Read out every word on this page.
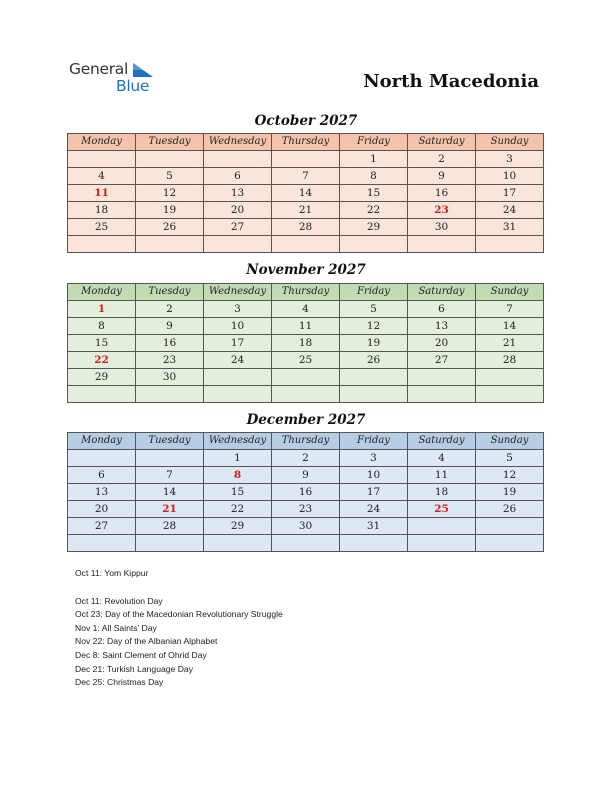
General
Blue	North Macedonia
October 2027
Monday	Tuesday	Wednesday	Thursday	Friday	Saturday	Sunday
				1	2	3
4	5	6	7	8	9	10
11	12	13	14	15	16	17
18	19	20	21	22	23	24
25	26	27	28	29	30	31

November 2027
Monday	Tuesday	Wednesday	Thursday	Friday	Saturday	Sunday
1	2	3	4	5	6	7
8	9	10	11	12	13	14
15	16	17	18	19	20	21
22	23	24	25	26	27	28
29	30					

December 2027
Monday	Tuesday	Wednesday	Thursday	Friday	Saturday	Sunday
		1	2	3	4	5
6	7	8	9	10	11	12
13	14	15	16	17	18	19
20	21	22	23	24	25	26
27	28	29	30	31		

Oct 11: Yom Kippur
Oct 11: Revolution Day
Oct 23: Day of the Macedonian Revolutionary Struggle
Nov 1: All Saints’ Day
Nov 22: Day of the Albanian Alphabet
Dec 8: Saint Clement of Ohrid Day
Dec 21: Turkish Language Day
Dec 25: Christmas Day
